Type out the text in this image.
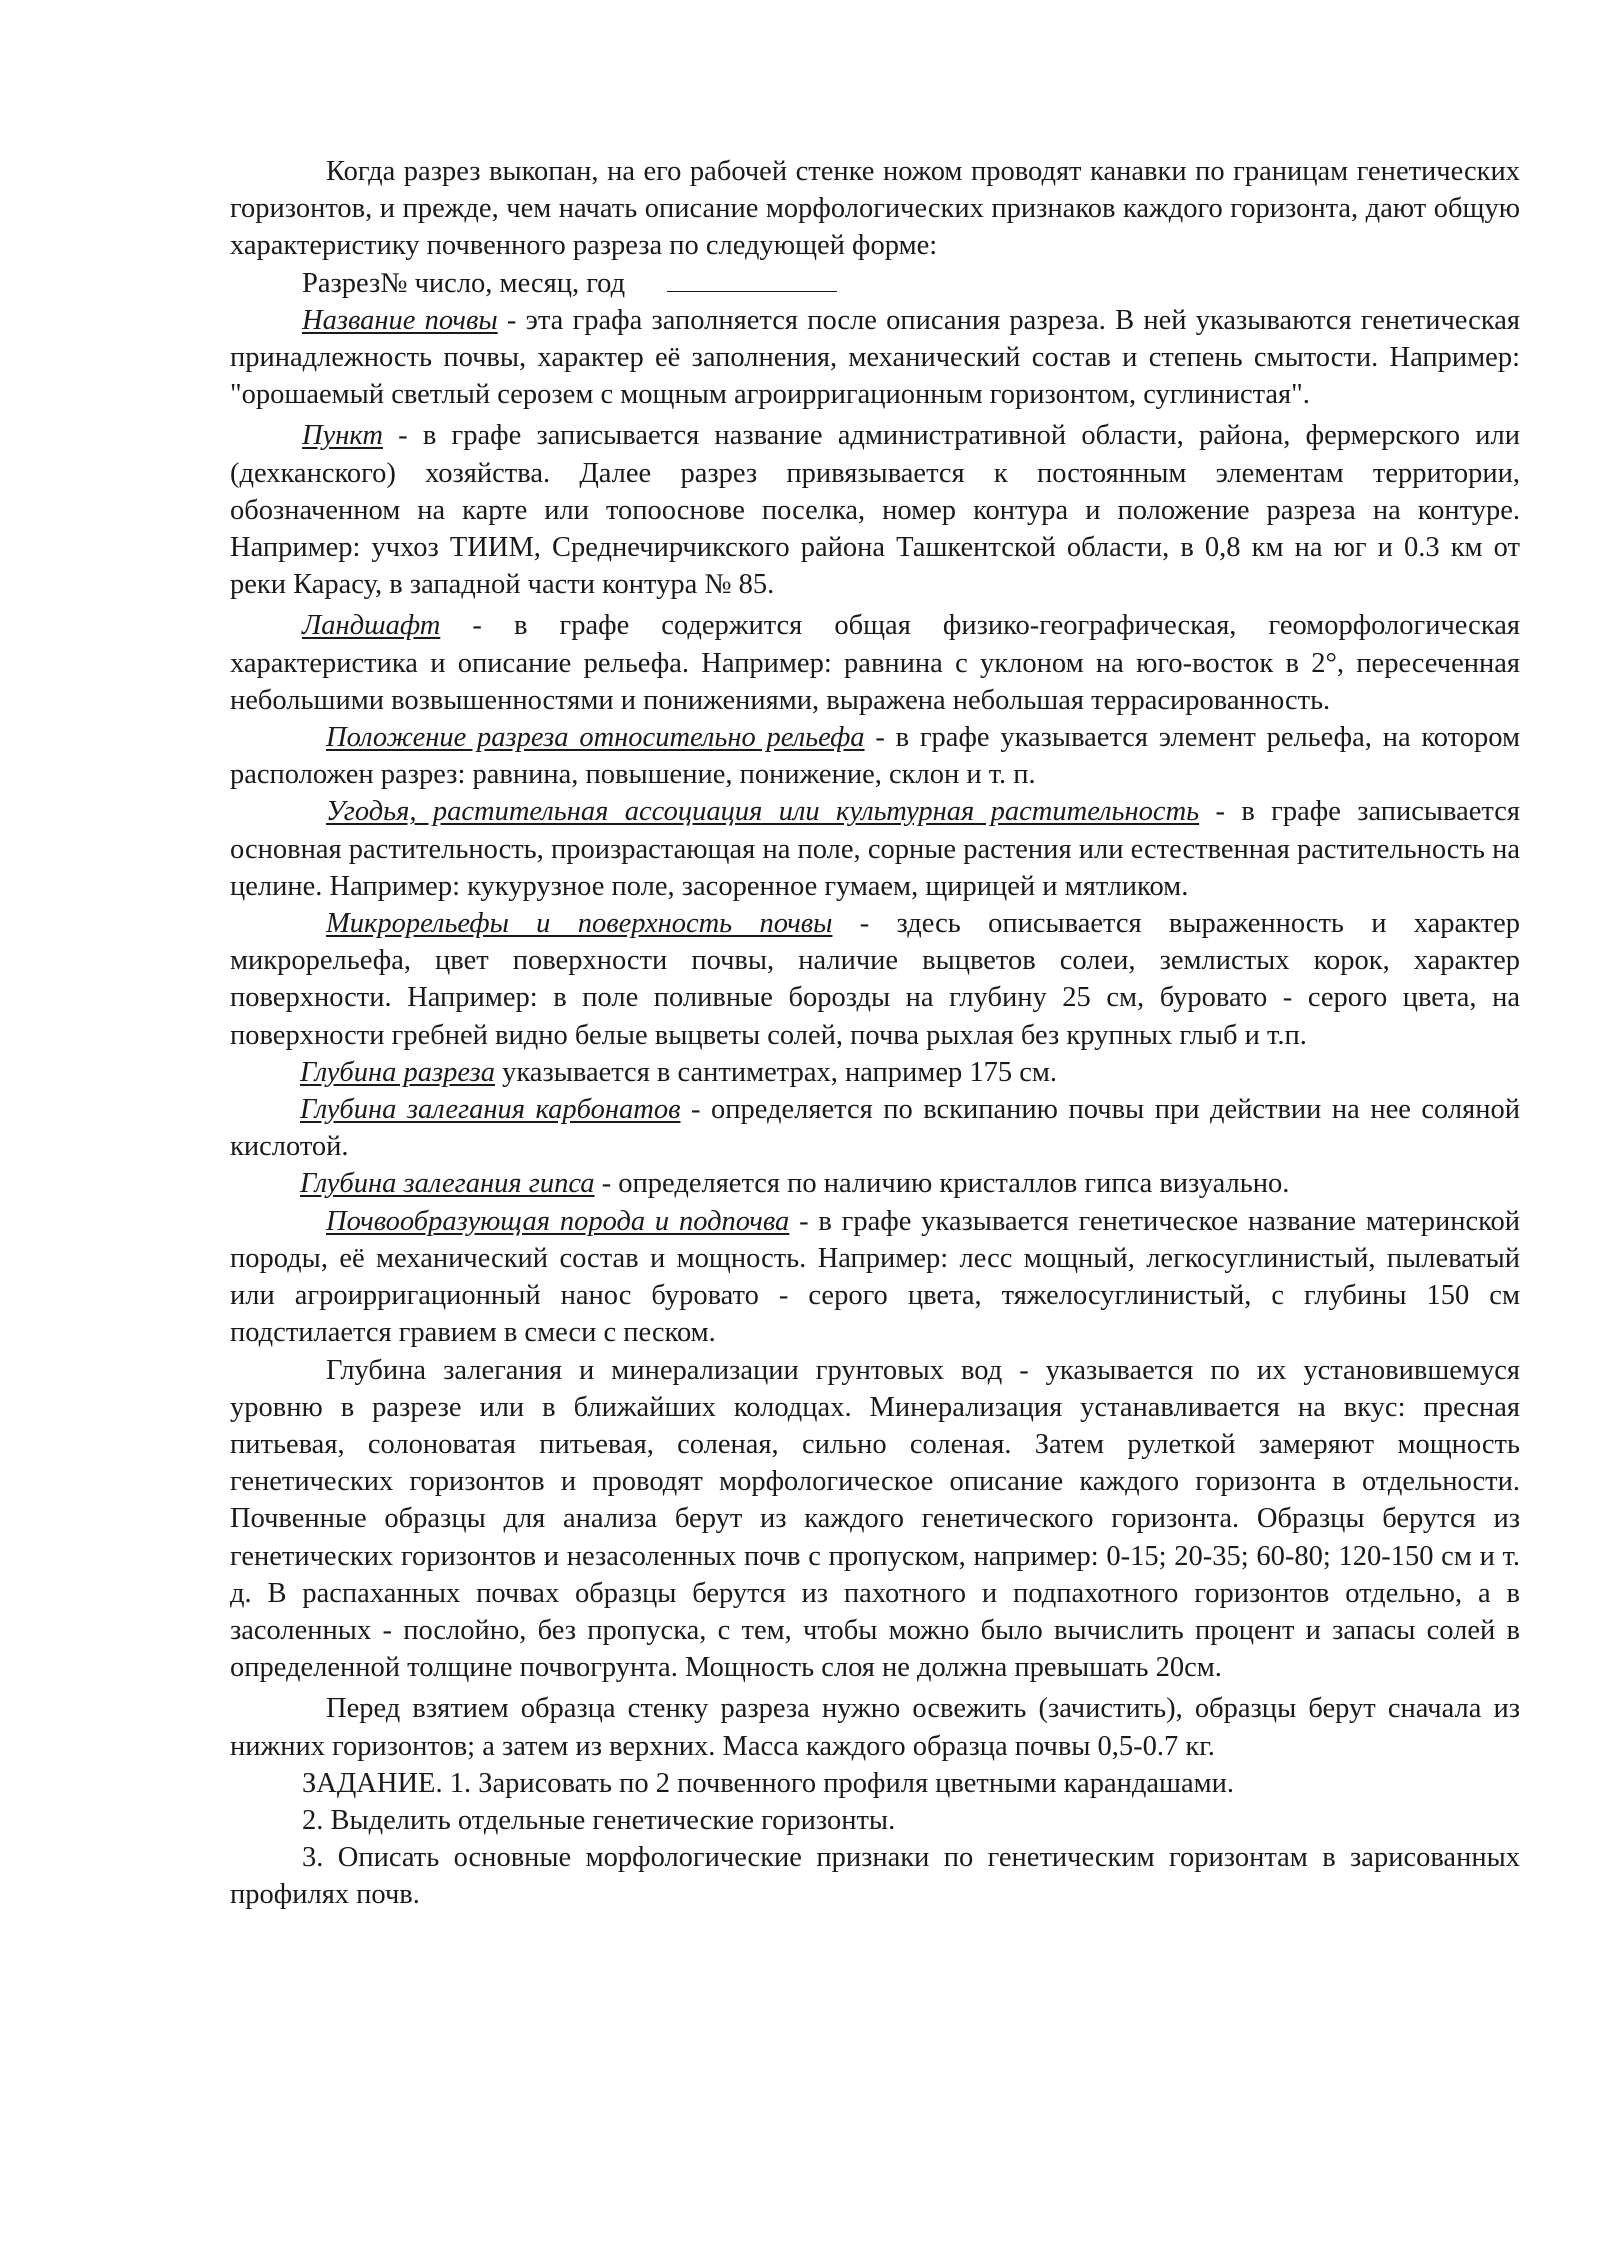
Когда разрез выкопан, на его рабочей стенке ножом проводят канавки по границам генетических горизонтов, и прежде, чем начать описание морфологических признаков каждого горизонта, дают общую характеристику почвенного разреза по следующей форме:

Разрез№ число, месяц, год

Название почвы - эта графа заполняется после описания разреза. В ней указываются генетическая принадлежность почвы, характер её заполнения, механический состав и степень смытости. Например: "орошаемый светлый серозем с мощным агроирригационным горизонтом, суглинистая".

Пункт - в графе записывается название административной области, района, фермерского или (дехканского) хозяйства. Далее разрез привязывается к постоянным элементам территории, обозначенном на карте или топооснове поселка, номер контура и положение разреза на контуре. Например: учхоз ТИИМ, Среднечирчикского района Ташкентской области, в 0,8 км на юг и 0.3 км от реки Карасу, в западной части контура № 85.

Ландшафт - в графе содержится общая физико-географическая, геоморфологическая характеристика и описание рельефа. Например: равнина с уклоном на юго-восток в 2°, пересеченная небольшими возвышенностями и понижениями, выражена небольшая террасированность.

Положение разреза относительно рельефа - в графе указывается элемент рельефа, на котором расположен разрез: равнина, повышение, понижение, склон и т. п.

Угодья, растительная ассоциация или культурная растительность - в графе записывается основная растительность, произрастающая на поле, сорные растения или естественная растительность на целине. Например: кукурузное поле, засоренное гумаем, щирицей и мятликом.

Микрорельефы и поверхность почвы - здесь описывается выраженность и характер микрорельефа, цвет поверхности почвы, наличие выцветов солеи, землистых корок, характер поверхности. Например: в поле поливные борозды на глубину 25 см, буровато - серого цвета, на поверхности гребней видно белые выцветы солей, почва рыхлая без крупных глыб и т.п.

Глубина разреза указывается в сантиметрах, например 175 см.

Глубина залегания карбонатов - определяется по вскипанию почвы при действии на нее соляной кислотой.

Глубина залегания гипса - определяется по наличию кристаллов гипса визуально.

Почвообразующая порода и подпочва - в графе указывается генетическое название материнской породы, её механический состав и мощность. Например: лесс мощный, легкосуглинистый, пылеватый или агроирригационный нанос буровато - серого цвета, тяжелосуглинистый, с глубины 150 см подстилается гравием в смеси с песком.

Глубина залегания и минерализации грунтовых вод - указывается по их установившемуся уровню в разрезе или в ближайших колодцах. Минерализация устанавливается на вкус: пресная питьевая, солоноватая питьевая, соленая, сильно соленая. Затем рулеткой замеряют мощность генетических горизонтов и проводят морфологическое описание каждого горизонта в отдельности. Почвенные образцы для анализа берут из каждого генетического горизонта. Образцы берутся из генетических горизонтов и незасоленных почв с пропуском, например: 0-15; 20-35; 60-80; 120-150 см и т. д. В распаханных почвах образцы берутся из пахотного и подпахотного горизонтов отдельно, а в засоленных - послойно, без пропуска, с тем, чтобы можно было вычислить процент и запасы солей в определенной толщине почвогрунта. Мощность слоя не должна превышать 20см.

Перед взятием образца стенку разреза нужно освежить (зачистить), образцы берут сначала из нижних горизонтов; а затем из верхних. Масса каждого образца почвы 0,5-0.7 кг.

ЗАДАНИЕ. 1. Зарисовать по 2 почвенного профиля цветными карандашами.

2. Выделить отдельные генетические горизонты.

3. Описать основные морфологические признаки по генетическим горизонтам в зарисованных профилях почв.
